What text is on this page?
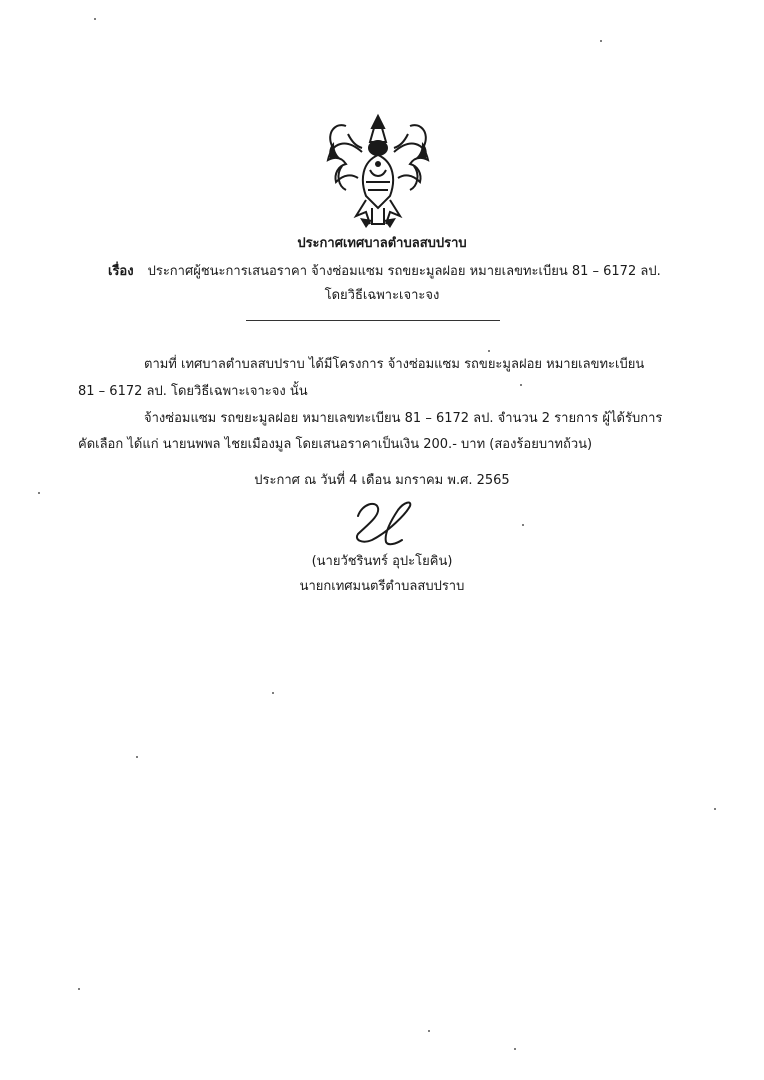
ประกาศเทศบาลตำบลสบปราบ
เรื่อง ประกาศผู้ชนะการเสนอราคา จ้างซ่อมแซม รถขยะมูลฝอย หมายเลขทะเบียน 81 – 6172 ลป.
โดยวิธีเฉพาะเจาะจง
ตามที่ เทศบาลตำบลสบปราบ ได้มีโครงการ จ้างซ่อมแซม รถขยะมูลฝอย หมายเลขทะเบียน
81 – 6172 ลป. โดยวิธีเฉพาะเจาะจง นั้น
จ้างซ่อมแซม รถขยะมูลฝอย หมายเลขทะเบียน 81 – 6172 ลป. จำนวน 2 รายการ ผู้ได้รับการ
คัดเลือก ได้แก่ นายนพพล ไชยเมืองมูล โดยเสนอราคาเป็นเงิน 200.- บาท (สองร้อยบาทถ้วน)
ประกาศ ณ วันที่ 4 เดือน มกราคม พ.ศ. 2565
(นายวัชรินทร์ อุปะโยคิน)
นายกเทศมนตรีตำบลสบปราบ
